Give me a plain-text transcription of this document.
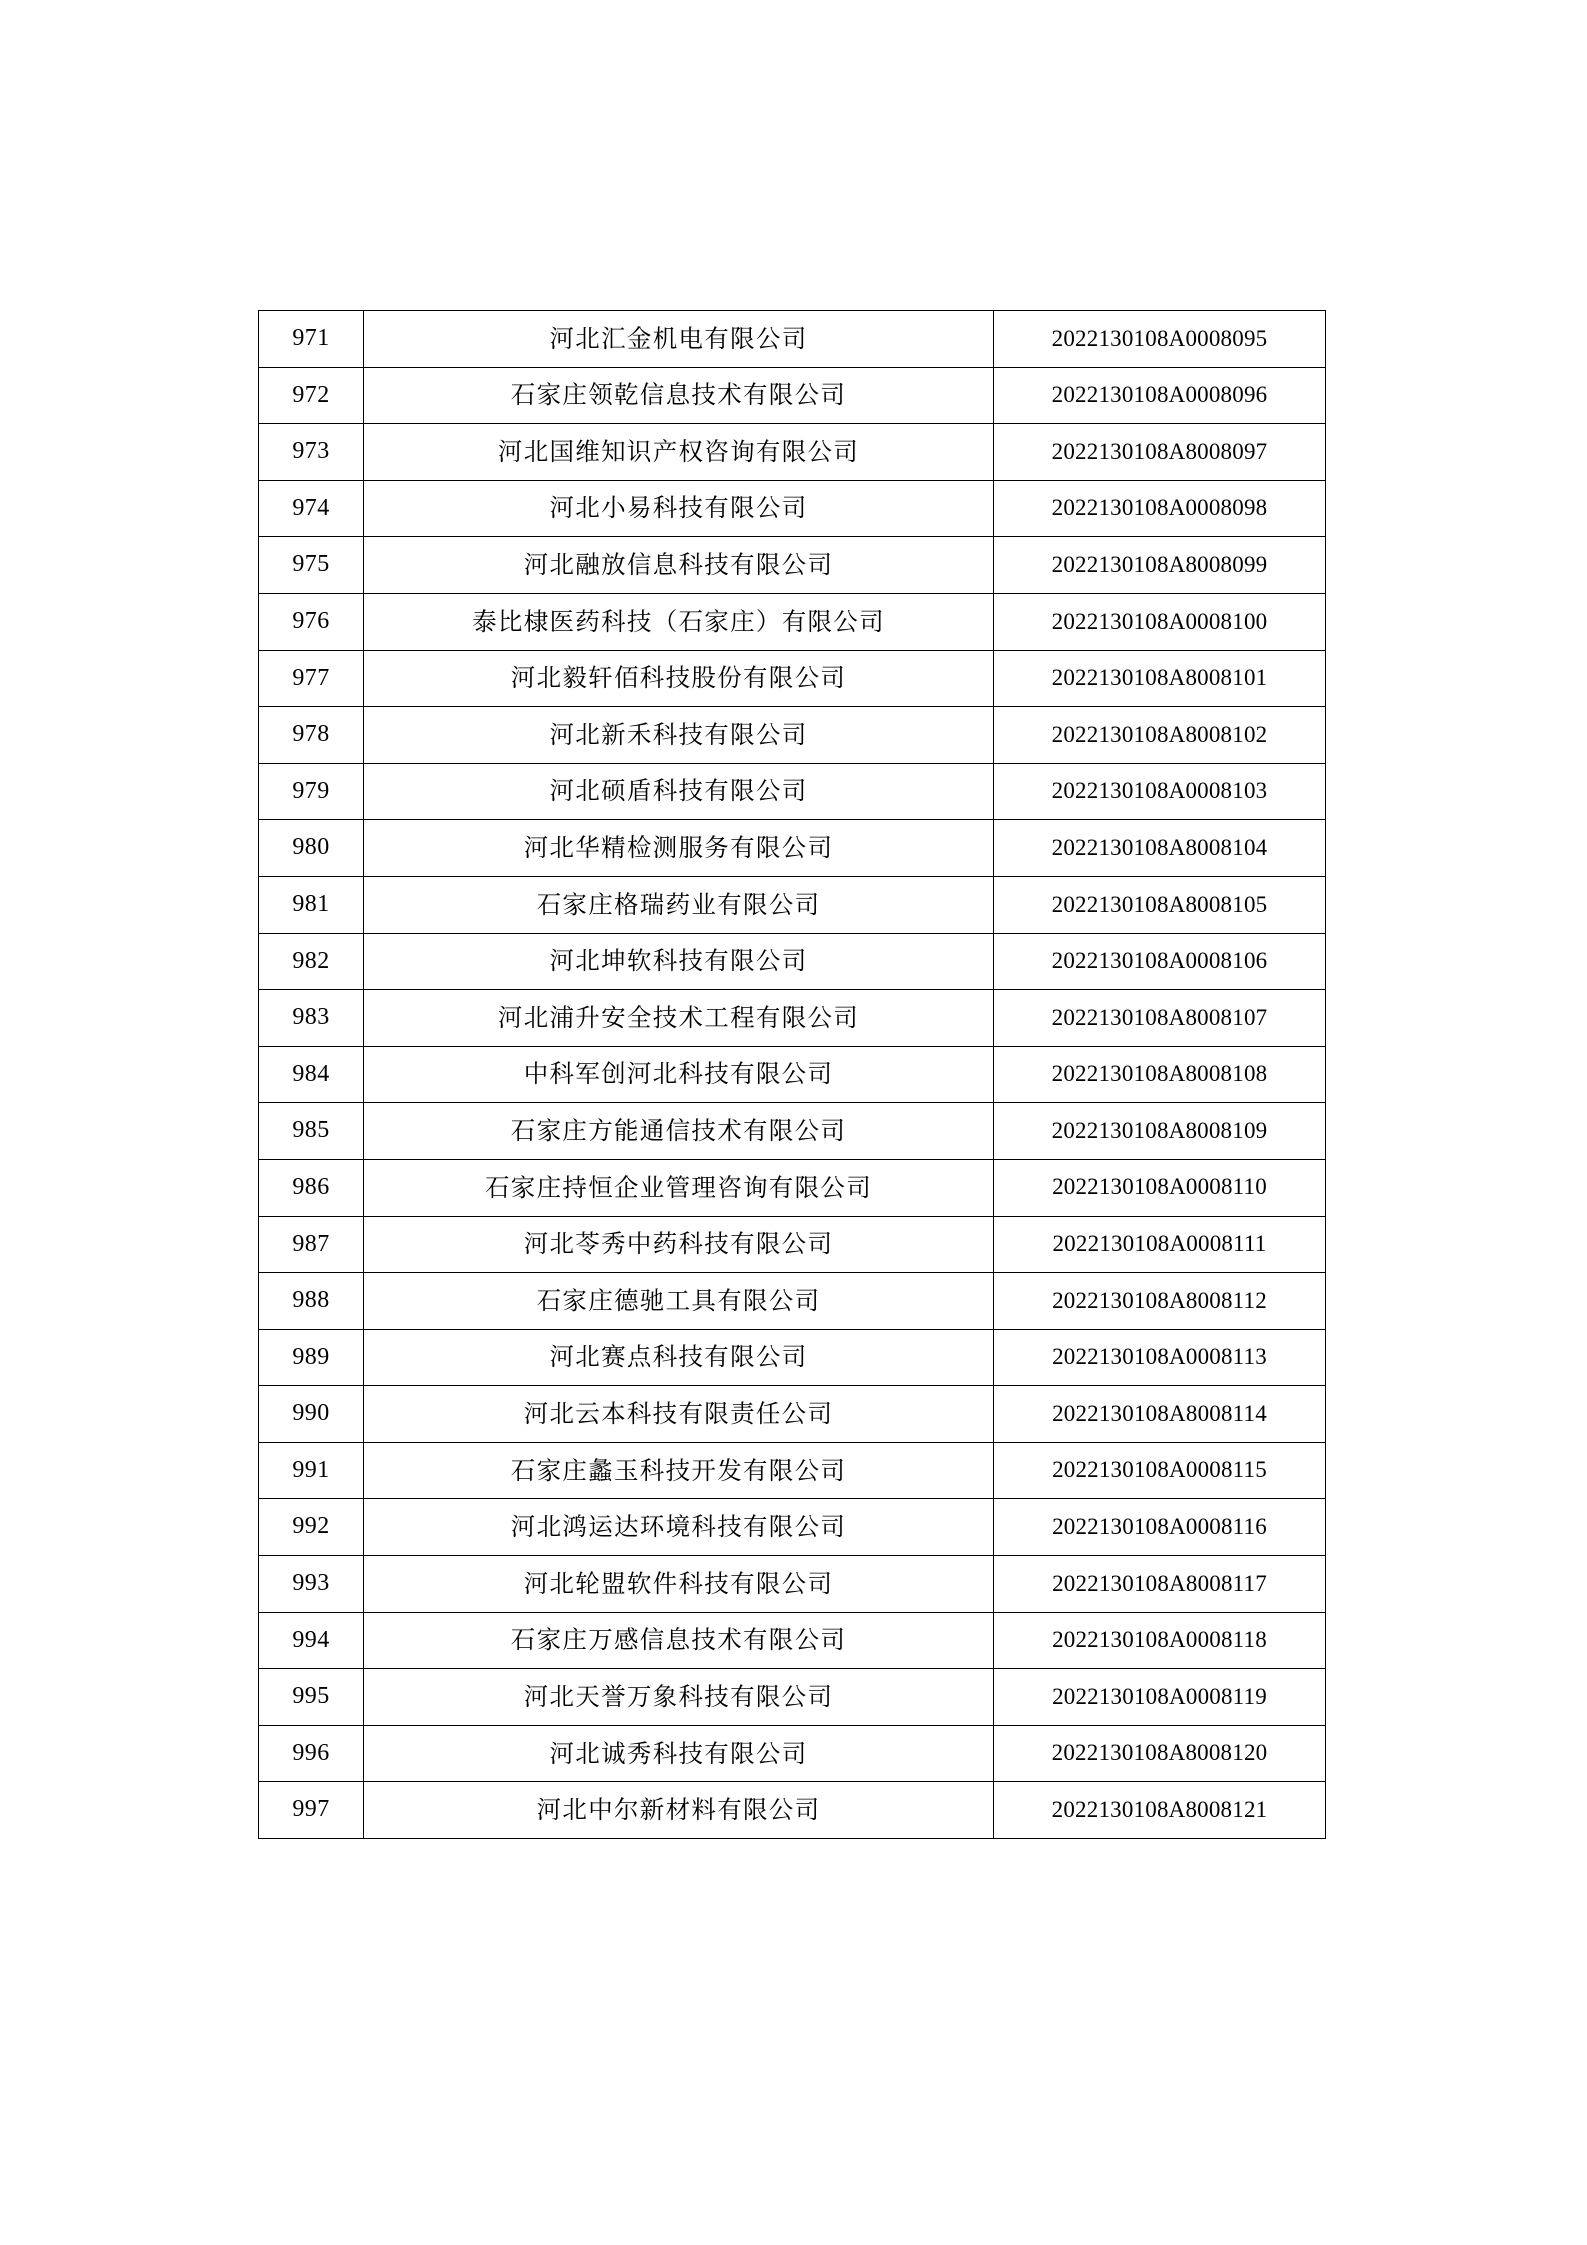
971	河北汇金机电有限公司	2022130108A0008095
972	石家庄领乾信息技术有限公司	2022130108A0008096
973	河北国维知识产权咨询有限公司	2022130108A8008097
974	河北小易科技有限公司	2022130108A0008098
975	河北融放信息科技有限公司	2022130108A8008099
976	泰比棣医药科技（石家庄）有限公司	2022130108A0008100
977	河北毅轩佰科技股份有限公司	2022130108A8008101
978	河北新禾科技有限公司	2022130108A8008102
979	河北硕盾科技有限公司	2022130108A0008103
980	河北华精检测服务有限公司	2022130108A8008104
981	石家庄格瑞药业有限公司	2022130108A8008105
982	河北坤软科技有限公司	2022130108A0008106
983	河北浦升安全技术工程有限公司	2022130108A8008107
984	中科军创河北科技有限公司	2022130108A8008108
985	石家庄方能通信技术有限公司	2022130108A8008109
986	石家庄持恒企业管理咨询有限公司	2022130108A0008110
987	河北苓秀中药科技有限公司	2022130108A0008111
988	石家庄德驰工具有限公司	2022130108A8008112
989	河北赛点科技有限公司	2022130108A0008113
990	河北云本科技有限责任公司	2022130108A8008114
991	石家庄蠡玉科技开发有限公司	2022130108A0008115
992	河北鸿运达环境科技有限公司	2022130108A0008116
993	河北轮盟软件科技有限公司	2022130108A8008117
994	石家庄万感信息技术有限公司	2022130108A0008118
995	河北天誉万象科技有限公司	2022130108A0008119
996	河北诚秀科技有限公司	2022130108A8008120
997	河北中尔新材料有限公司	2022130108A8008121
